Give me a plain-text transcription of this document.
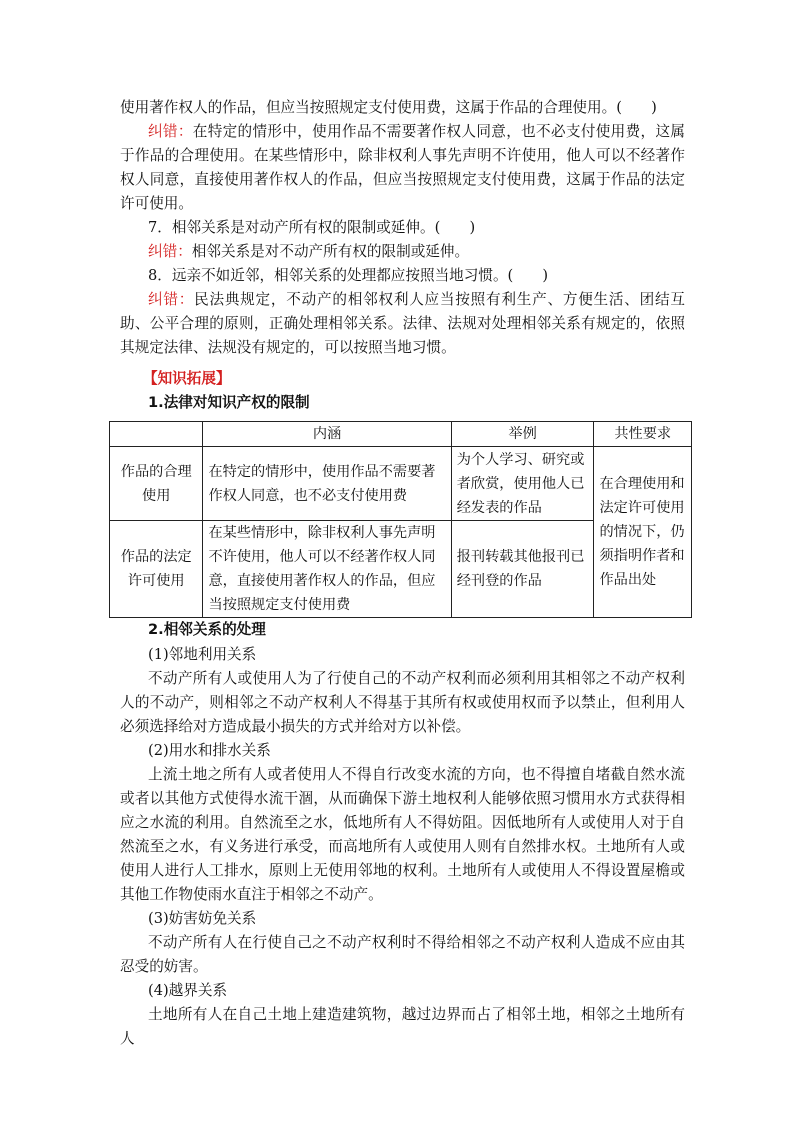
使用著作权人的作品，但应当按照规定支付使用费，这属于作品的合理使用。(　　)

纠错：在特定的情形中，使用作品不需要著作权人同意，也不必支付使用费，这属于作品的合理使用。在某些情形中，除非权利人事先声明不许使用，他人可以不经著作权人同意，直接使用著作权人的作品，但应当按照规定支付使用费，这属于作品的法定许可使用。

7．相邻关系是对动产所有权的限制或延伸。(　　)

纠错：相邻关系是对不动产所有权的限制或延伸。

8．远亲不如近邻，相邻关系的处理都应按照当地习惯。(　　)

纠错：民法典规定，不动产的相邻权利人应当按照有利生产、方便生活、团结互助、公平合理的原则，正确处理相邻关系。法律、法规对处理相邻关系有规定的，依照其规定法律、法规没有规定的，可以按照当地习惯。

【知识拓展】

1.法律对知识产权的限制

	内涵	举例	共性要求
作品的合理使用	在特定的情形中，使用作品不需要著作权人同意，也不必支付使用费	为个人学习、研究或者欣赏，使用他人已经发表的作品	在合理使用和法定许可使用的情况下，仍须指明作者和作品出处
作品的法定许可使用	在某些情形中，除非权利人事先声明不许使用，他人可以不经著作权人同意，直接使用著作权人的作品，但应当按照规定支付使用费	报刊转载其他报刊已经刊登的作品	

2.相邻关系的处理

(1)邻地利用关系

不动产所有人或使用人为了行使自己的不动产权利而必须利用其相邻之不动产权利人的不动产，则相邻之不动产权利人不得基于其所有权或使用权而予以禁止，但利用人必须选择给对方造成最小损失的方式并给对方以补偿。

(2)用水和排水关系

上流土地之所有人或者使用人不得自行改变水流的方向，也不得擅自堵截自然水流或者以其他方式使得水流干涸，从而确保下游土地权利人能够依照习惯用水方式获得相应之水流的利用。自然流至之水，低地所有人不得妨阻。因低地所有人或使用人对于自然流至之水，有义务进行承受，而高地所有人或使用人则有自然排水权。土地所有人或使用人进行人工排水，原则上无使用邻地的权利。土地所有人或使用人不得设置屋檐或其他工作物使雨水直注于相邻之不动产。

(3)妨害妨免关系

不动产所有人在行使自己之不动产权利时不得给相邻之不动产权利人造成不应由其忍受的妨害。

(4)越界关系

土地所有人在自己土地上建造建筑物，越过边界而占了相邻土地，相邻之土地所有人
